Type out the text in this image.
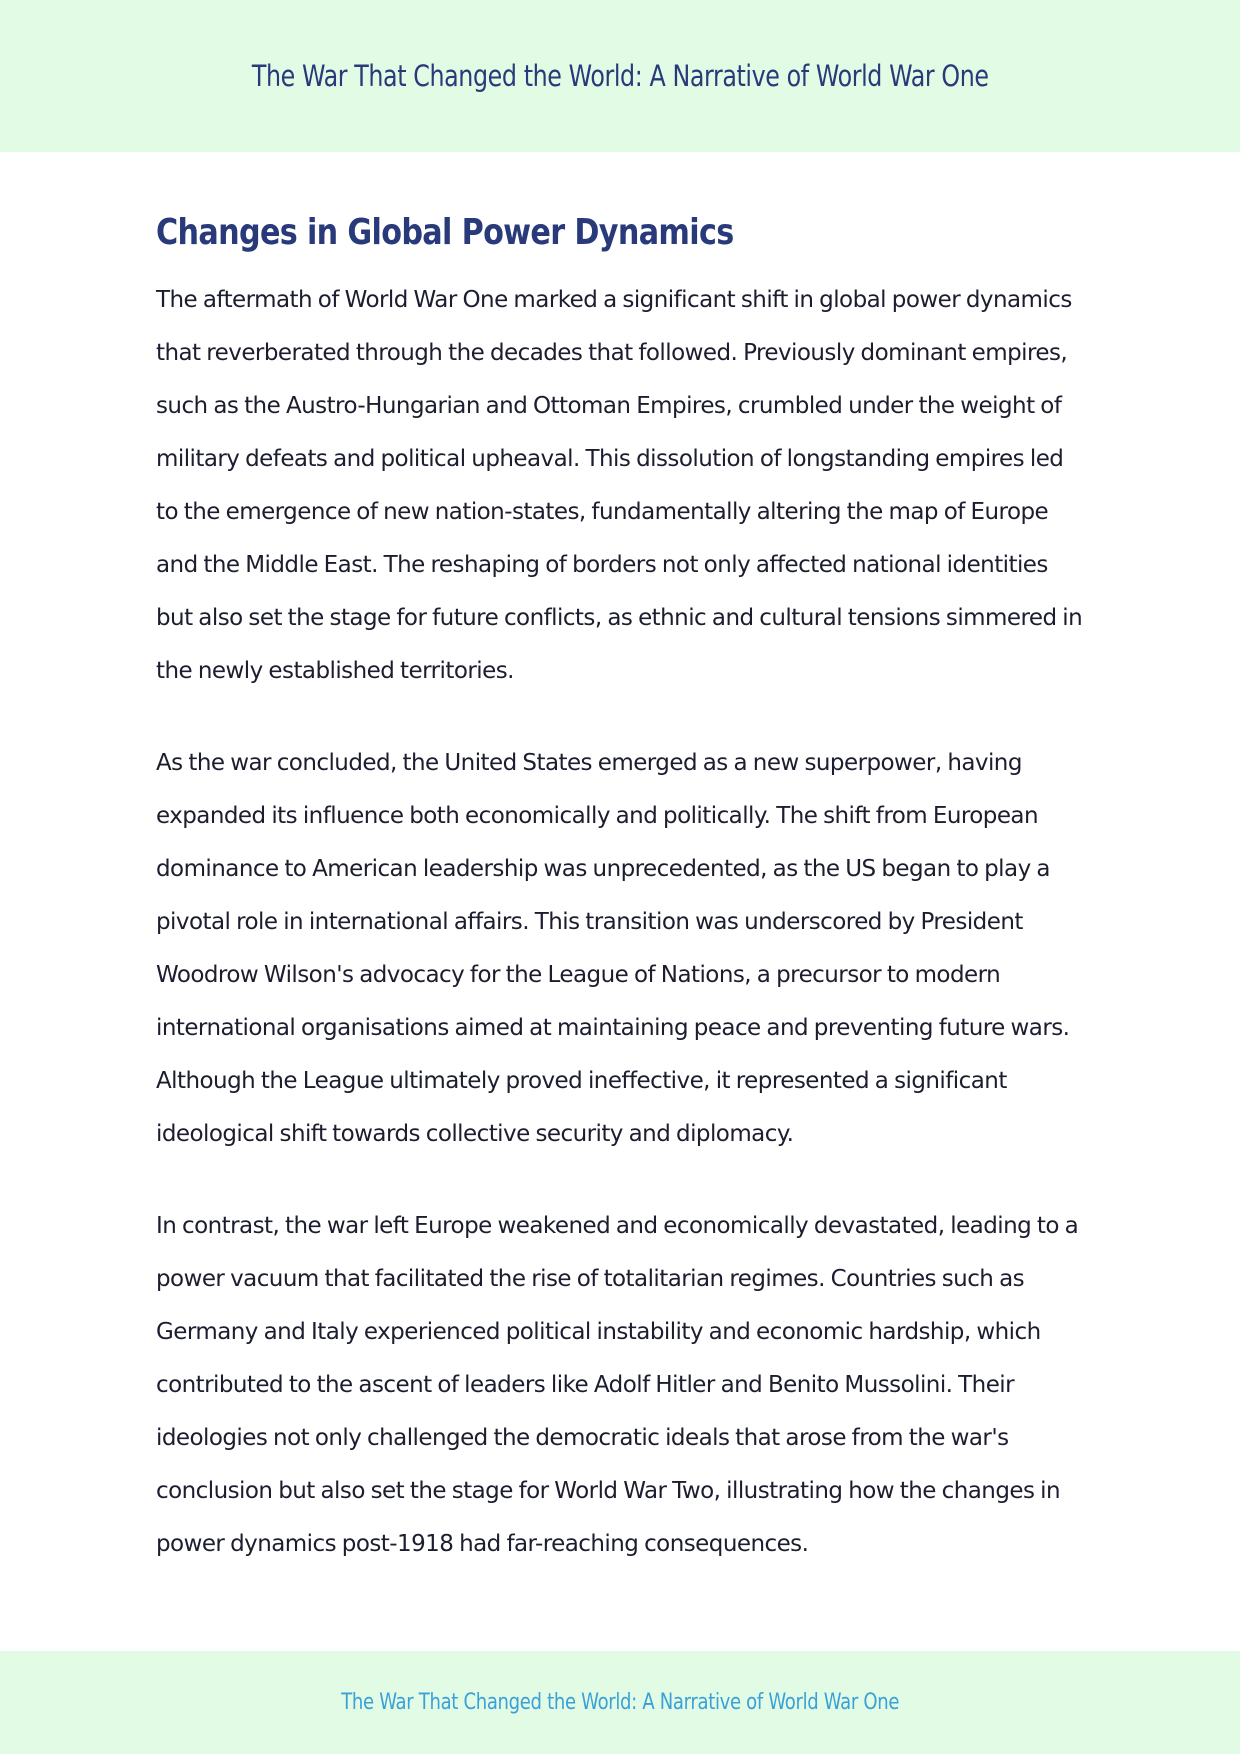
The War That Changed the World: A Narrative of World War One
Changes in Global Power Dynamics

The aftermath of World War One marked a significant shift in global power dynamics that reverberated through the decades that followed. Previously dominant empires, such as the Austro-Hungarian and Ottoman Empires, crumbled under the weight of military defeats and political upheaval. This dissolution of longstanding empires led to the emergence of new nation-states, fundamentally altering the map of Europe and the Middle East. The reshaping of borders not only affected national identities but also set the stage for future conflicts, as ethnic and cultural tensions simmered in the newly established territories.

As the war concluded, the United States emerged as a new superpower, having expanded its influence both economically and politically. The shift from European dominance to American leadership was unprecedented, as the US began to play a pivotal role in international affairs. This transition was underscored by President Woodrow Wilson's advocacy for the League of Nations, a precursor to modern international organisations aimed at maintaining peace and preventing future wars. Although the League ultimately proved ineffective, it represented a significant ideological shift towards collective security and diplomacy.

In contrast, the war left Europe weakened and economically devastated, leading to a power vacuum that facilitated the rise of totalitarian regimes. Countries such as Germany and Italy experienced political instability and economic hardship, which contributed to the ascent of leaders like Adolf Hitler and Benito Mussolini. Their ideologies not only challenged the democratic ideals that arose from the war's conclusion but also set the stage for World War Two, illustrating how the changes in power dynamics post-1918 had far-reaching consequences.

The War That Changed the World: A Narrative of World War One
